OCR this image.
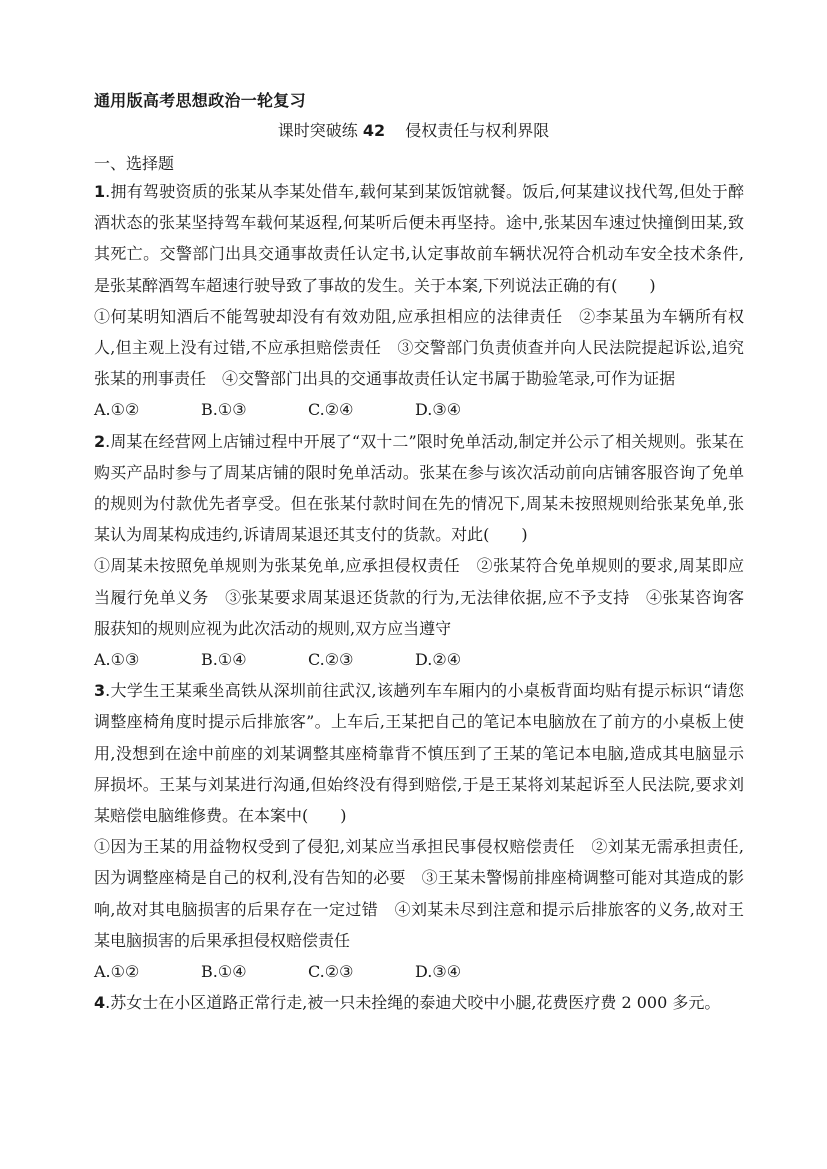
通用版高考思想政治一轮复习
课时突破练 42 侵权责任与权利界限
一、选择题

1.拥有驾驶资质的张某从李某处借车,载何某到某饭馆就餐。饭后,何某建议找代驾,但处于醉酒状态的张某坚持驾车载何某返程,何某听后便未再坚持。途中,张某因车速过快撞倒田某,致其死亡。交警部门出具交通事故责任认定书,认定事故前车辆状况符合机动车安全技术条件,是张某醉酒驾车超速行驶导致了事故的发生。关于本案,下列说法正确的有(　　)

①何某明知酒后不能驾驶却没有有效劝阻,应承担相应的法律责任　②李某虽为车辆所有权人,但主观上没有过错,不应承担赔偿责任　③交警部门负责侦查并向人民法院提起诉讼,追究张某的刑事责任　④交警部门出具的交通事故责任认定书属于勘验笔录,可作为证据

A.①②	B.①③	C.②④	D.③④

2.周某在经营网上店铺过程中开展了“双十二”限时免单活动,制定并公示了相关规则。张某在购买产品时参与了周某店铺的限时免单活动。张某在参与该次活动前向店铺客服咨询了免单的规则为付款优先者享受。但在张某付款时间在先的情况下,周某未按照规则给张某免单,张某认为周某构成违约,诉请周某退还其支付的货款。对此(　　)

①周某未按照免单规则为张某免单,应承担侵权责任　②张某符合免单规则的要求,周某即应当履行免单义务　③张某要求周某退还货款的行为,无法律依据,应不予支持　④张某咨询客服获知的规则应视为此次活动的规则,双方应当遵守

A.①③	B.①④	C.②③	D.②④

3.大学生王某乘坐高铁从深圳前往武汉,该趟列车车厢内的小桌板背面均贴有提示标识“请您调整座椅角度时提示后排旅客”。上车后,王某把自己的笔记本电脑放在了前方的小桌板上使用,没想到在途中前座的刘某调整其座椅靠背不慎压到了王某的笔记本电脑,造成其电脑显示屏损坏。王某与刘某进行沟通,但始终没有得到赔偿,于是王某将刘某起诉至人民法院,要求刘某赔偿电脑维修费。在本案中(　　)

①因为王某的用益物权受到了侵犯,刘某应当承担民事侵权赔偿责任　②刘某无需承担责任,因为调整座椅是自己的权利,没有告知的必要　③王某未警惕前排座椅调整可能对其造成的影响,故对其电脑损害的后果存在一定过错　④刘某未尽到注意和提示后排旅客的义务,故对王某电脑损害的后果承担侵权赔偿责任

A.①②	B.①④	C.②③	D.③④

4.苏女士在小区道路正常行走,被一只未拴绳的泰迪犬咬中小腿,花费医疗费 2 000 多元。
